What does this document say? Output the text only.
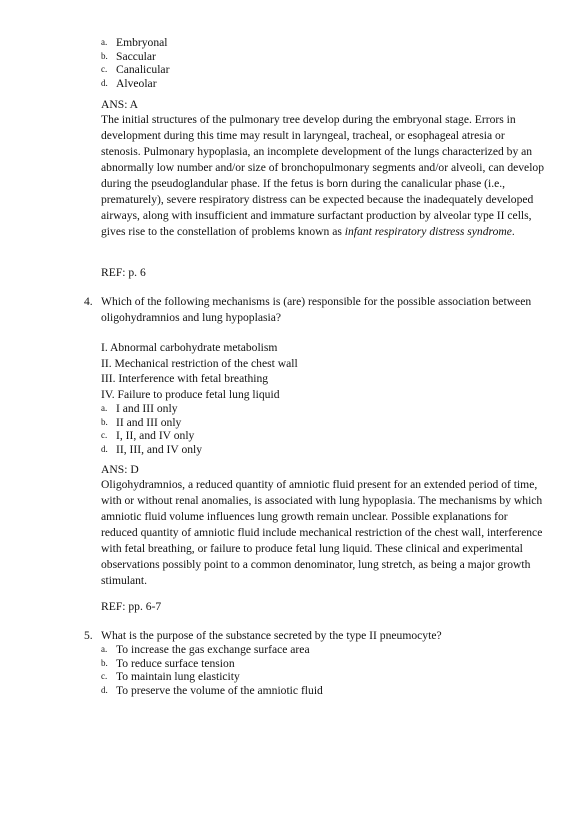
a. Embryonal
b. Saccular
c. Canalicular
d. Alveolar
ANS: A

The initial structures of the pulmonary tree develop during the embryonal stage. Errors in development during this time may result in laryngeal, tracheal, or esophageal atresia or stenosis. Pulmonary hypoplasia, an incomplete development of the lungs characterized by an abnormally low number and/or size of bronchopulmonary segments and/or alveoli, can develop during the pseudoglandular phase. If the fetus is born during the canalicular phase (i.e., prematurely), severe respiratory distress can be expected because the inadequately developed airways, along with insufficient and immature surfactant production by alveolar type II cells, gives rise to the constellation of problems known as infant respiratory distress syndrome.

REF: p. 6
4. Which of the following mechanisms is (are) responsible for the possible association between oligohydramnios and lung hypoplasia?

I. Abnormal carbohydrate metabolism
II. Mechanical restriction of the chest wall
III. Interference with fetal breathing
IV. Failure to produce fetal lung liquid
a. I and III only
b. II and III only
c. I, II, and IV only
d. II, III, and IV only
ANS: D

Oligohydramnios, a reduced quantity of amniotic fluid present for an extended period of time, with or without renal anomalies, is associated with lung hypoplasia. The mechanisms by which amniotic fluid volume influences lung growth remain unclear. Possible explanations for reduced quantity of amniotic fluid include mechanical restriction of the chest wall, interference with fetal breathing, or failure to produce fetal lung liquid. These clinical and experimental observations possibly point to a common denominator, lung stretch, as being a major growth stimulant.

REF: pp. 6-7
5. What is the purpose of the substance secreted by the type II pneumocyte?

a. To increase the gas exchange surface area
b. To reduce surface tension
c. To maintain lung elasticity
d. To preserve the volume of the amniotic fluid
